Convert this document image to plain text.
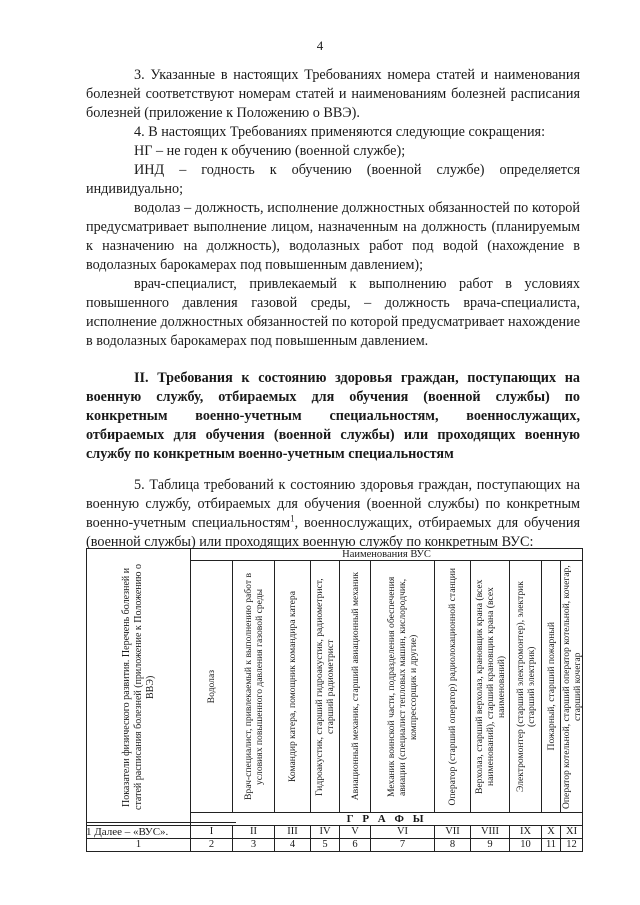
4

3. Указанные в настоящих Требованиях номера статей и наименования болезней соответствуют номерам статей и наименованиям болезней расписания болезней (приложение к Положению о ВВЭ).

4. В настоящих Требованиях применяются следующие сокращения:

НГ – не годен к обучению (военной службе);

ИНД – годность к обучению (военной службе) определяется индивидуально;

водолаз – должность, исполнение должностных обязанностей по которой предусматривает выполнение лицом, назначенным на должность (планируемым к назначению на должность), водолазных работ под водой (нахождение в водолазных барокамерах под повышенным давлением);

врач-специалист, привлекаемый к выполнению работ в условиях повышенного давления газовой среды, – должность врача-специалиста, исполнение должностных обязанностей по которой предусматривает нахождение в водолазных барокамерах под повышенным давлением.

II. Требования к состоянию здоровья граждан, поступающих на военную службу, отбираемых для обучения (военной службы) по конкретным военно-учетным специальностям, военнослужащих, отбираемых для обучения (военной службы) или проходящих военную службу по конкретным военно-учетным специальностям

5. Таблица требований к состоянию здоровья граждан, поступающих на военную службу, отбираемых для обучения (военной службы) по конкретным военно-учетным специальностям$^1$, военнослужащих, отбираемых для обучения (военной службы) или проходящих военную службу по конкретным ВУС:

Показатели физического развития. Перечень болезней и статей расписания болезней (приложение к Положению о ВВЭ)	Наименования ВУС										

	Водолаз	Врач-специалист, привлекаемый к выполнению работ в условиях повышенного давления газовой среды	Командир катера, помощник командира катера	Гидроакустик, старший гидроакустик, радиометрист, старший радиометрист	Авиационный механик, старший авиационный механик	Механик воинской части, подразделения обеспечения авиации (специалист тепловых машин, кислородчик, компрессорщик и другие)	Оператор (старший оператор) радиолокационной станции	Верхолаз, старший верхолаз, крановщик крана (всех наименований), старший крановщик крана (всех наименований)	Электромонтер (старший электромонтер), электрик (старший электрик)	Пожарный, старший пожарный	Оператор котельной, старший оператор котельной, кочегар, старший кочегар

	Г Р А Ф Ы										
	I	II	III	IV	V	VI	VII	VIII	IX	X	XI
1	2	3	4	5	6	7	8	9	10	11	12
1 Далее – «ВУС».
